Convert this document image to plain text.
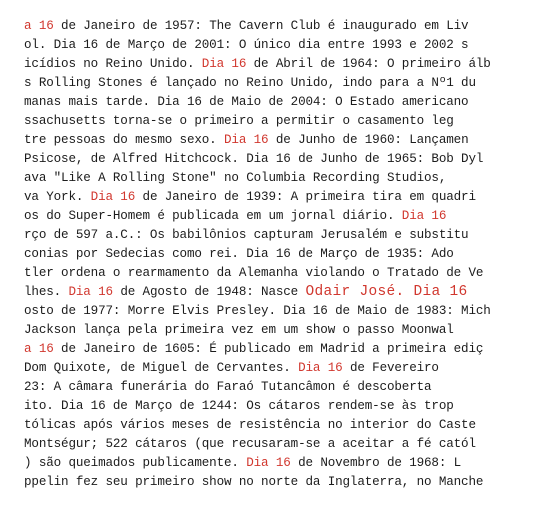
a 16 de Janeiro de 1957: The Cavern Club é inaugurado em Liv
ol. Dia 16 de Março de 2001: O único dia entre 1993 e 2002 s
icídios no Reino Unido. Dia 16 de Abril de 1964: O primeiro álb
s Rolling Stones é lançado no Reino Unido, indo para a Nº1 du
manas mais tarde. Dia 16 de Maio de 2004: O Estado americano
ssachusetts torna-se o primeiro a permitir o casamento leg
tre pessoas do mesmo sexo. Dia 16 de Junho de 1960: Lançamen
Psicose, de Alfred Hitchcock. Dia 16 de Junho de 1965: Bob Dyl
ava "Like A Rolling Stone" no Columbia Recording Studios,
va York. Dia 16 de Janeiro de 1939: A primeira tira em quadri
os do Super-Homem é publicada em um jornal diário. Dia 16
rço de 597 a.C.: Os babilônios capturam Jerusalém e substitu
conias por Sedecias como rei. Dia 16 de Março de 1935: Ado
tler ordena o rearmamento da Alemanha violando o Tratado de Ve
lhes. Dia 16 de Agosto de 1948: Nasce Odair José. Dia 16
osto de 1977: Morre Elvis Presley. Dia 16 de Maio de 1983: Mich
Jackson lança pela primeira vez em um show o passo Moonwal
a 16 de Janeiro de 1605: É publicado em Madrid a primeira ediç
Dom Quixote, de Miguel de Cervantes. Dia 16 de Fevereiro
23: A câmara funerária do Faraó Tutancâmon é descoberta
ito. Dia 16 de Março de 1244: Os cátaros rendem-se às trop
tólicas após vários meses de resistência no interior do Caste
Montségur; 522 cátaros (que recusaram-se a aceitar a fé catól
) são queimados publicamente. Dia 16 de Novembro de 1968: L
ppelin fez seu primeiro show no norte da Inglaterra, no Manche
